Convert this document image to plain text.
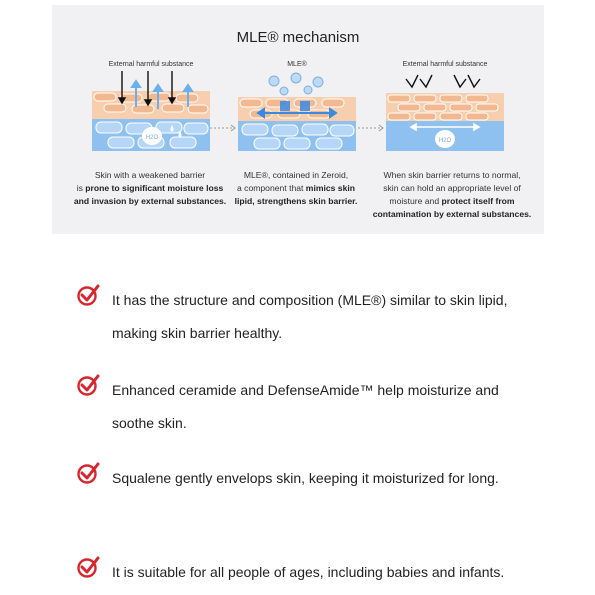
MLE® mechanism
External harmful substance
H2O
MLE®	External harmful substance
H2O
Skin with a weakened barrier
is prone to significant moisture loss
and invasion by external substances.
MLE®, contained in Zeroid,
a component that mimics skin
lipid, strengthens skin barrier.
When skin barrier returns to normal,
skin can hold an appropriate level of
moisture and protect itself from
contamination by external substances.
It has the structure and composition (MLE®) similar to skin lipid,
making skin barrier healthy.
Enhanced ceramide and DefenseAmide™ help moisturize and
soothe skin.
Squalene gently envelops skin, keeping it moisturized for long.
It is suitable for all people of ages, including babies and infants.
